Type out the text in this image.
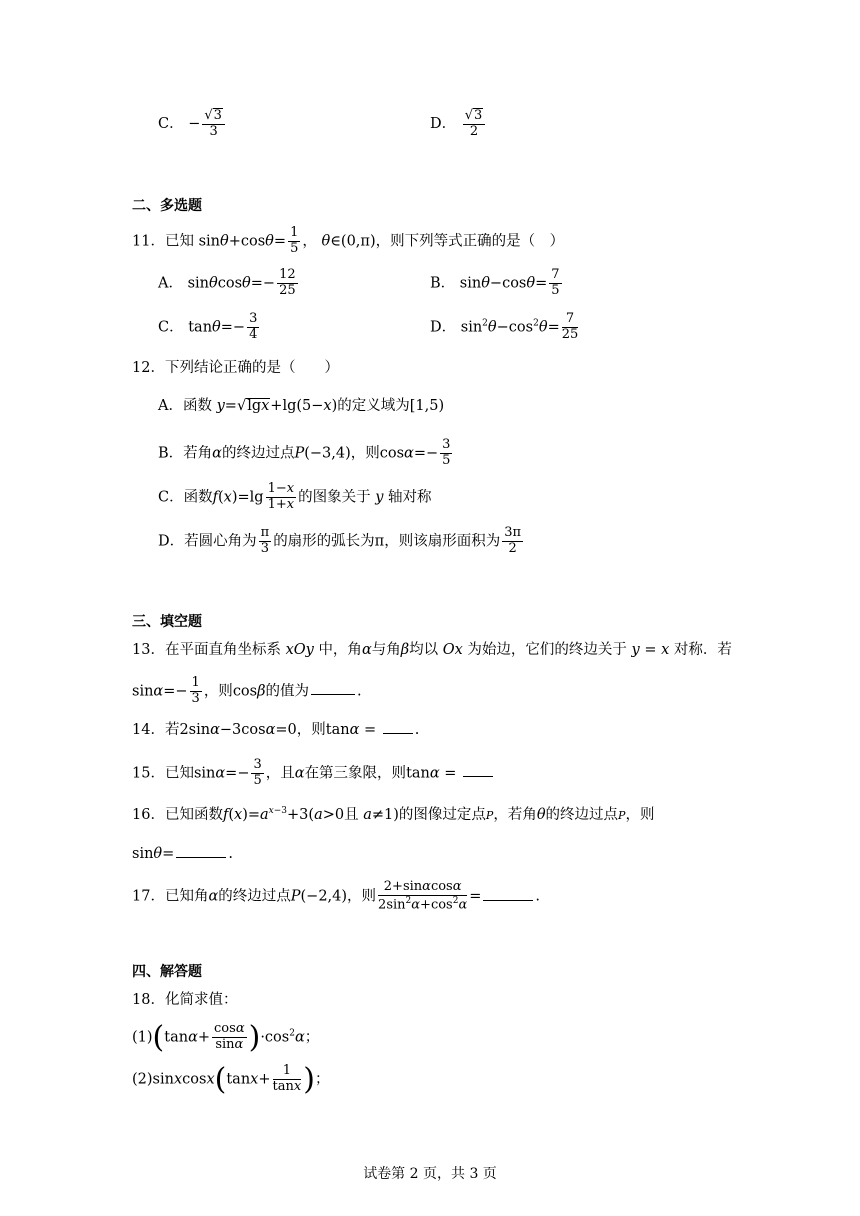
C． − $\frac{√3}{3}$	D． $\frac{√3}{2}$
二、多选题
11．已知 $\sin\theta+\cos\theta= \frac{1}{5}$ ， θ∈(0,π)，则下列等式正确的是（　）
A． $\sin\theta\cos\theta=- \frac{12}{25}$	B． $\sin\theta-\cos\theta= \frac{7}{5}$
C． $\tan\theta=- \frac{3}{4}$	D． $\sin^2\theta-\cos^2\theta= \frac{7}{25}$
12．下列结论正确的是（　　）
A．函数 y=√lgx+lg(5−x)的定义域为[1,5)
B．若角α的终边过点P(−3,4)，则$\cos\alpha=- \frac{3}{5}$
C．函数$f(x)=\lg \frac{1-x}{1+x}$ 的图象关于 y 轴对称
D．若圆心角为 $\frac{\pi}{3}$ 的扇形的弧长为π，则该扇形面积为 $\frac{3\pi}{2}$
三、填空题
13．在平面直角坐标系 xOy 中，角α与角β均以 Ox 为始边，它们的终边关于 y = x 对称．若
$\sin\alpha=- \frac{1}{3}$ ，则cosβ的值为	.
14．若2sinα−3cosα=0，则tanα = .
15．已知$\sin\alpha=- \frac{3}{5}$ ，且α在第三象限，则tanα =
16．已知函数$f(x)=a^{x-3}+3(a>0$且 a≠1)的图像过定点P，若角θ的终边过点P，则
sinθ=	.
17．已知角α的终边过点P(−2,4)，则 $\frac{2+\sin\alpha\cos\alpha}{2\sin^2\alpha+\cos^2\alpha}$ =	.
四、解答题
18．化简求值：
$(1)(\tan\alpha+ \frac{\cos\alpha}{\sin\alpha} )\cdot\cos^2\alpha$；
(2)sinxcosx(tanx+ $\frac{1}{\tan x}$ )；
试卷第 2 页，共 3 页
